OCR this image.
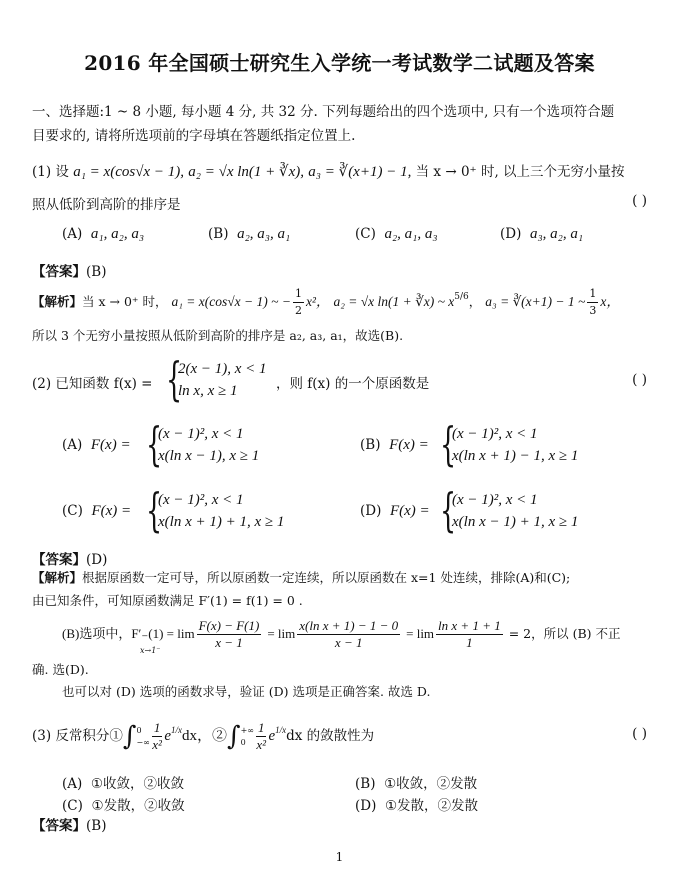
2016 年全国硕士研究生入学统一考试数学二试题及答案
一、选择题:1 ~ 8 小题, 每小题 4 分, 共 32 分. 下列每题给出的四个选项中, 只有一个选项符合题
目要求的, 请将所选项前的字母填在答题纸指定位置上.
(1) 设 a₁ = x(cos√x − 1), a₂ = √x ln(1 + ∛x), a₃ = ∛(x+1) − 1, 当 x → 0⁺ 时, 以上三个无穷小量按
照从低阶到高阶的排序是	( )
(A) a₁, a₂, a₃	(B) a₂, a₃, a₁	(C) a₂, a₁, a₃	(D) a₃, a₂, a₁
【答案】(B)
【解析】当 x → 0⁺ 时， a₁ = x(cos√x − 1) ~ − $\frac{1}{2} x^2$， a₂ = √x ln(1 + ∛x) ~ $x^{5/6}$， a₃ = ∛(x+1) − 1 ~ $\frac{1}{3}$ x，
所以 3 个无穷小量按照从低阶到高阶的排序是 a₂, a₃, a₁，故选(B).
(2) 已知函数 f(x) = {
2(x − 1), x < 1
ln x, x ≥ 1	，则 f(x) 的一个原函数是	( )
(A) F(x) = {
(x − 1)², x < 1
x(ln x − 1), x ≥ 1
(B) F(x) = {
(x − 1)², x < 1
x(ln x + 1) − 1, x ≥ 1
(C) F(x) = {
(x − 1)², x < 1
x(ln x + 1) + 1, x ≥ 1
(D) F(x) = {
(x − 1)², x < 1
x(ln x − 1) + 1, x ≥ 1
【答案】(D)
【解析】根据原函数一定可导，所以原函数一定连续，所以原函数在 x=1 处连续，排除(A)和(C);
由已知条件，可知原函数满足 F′(1) = f(1) = 0 .
(B)选项中，$F'_-(1) = \lim \frac{F(x) - F(1)}{x - 1} = \lim \frac{\text{x(ln x + 1) − 1 − 0}}{x - 1} = \lim \frac{\text{ln x + 1 + 1}}{1} = 2$，所以 (B) 不正
x→1⁻
确. 选(D).
也可以对 (D) 选项的函数求导，验证 (D) 选项是正确答案. 故选 D.
(3) 反常积分①∫ 0
−∞ $\frac{1}{\text{x²}} e^{1/x}dx$，②∫ +∞
$0 \frac{1}{\text{x²}} e^{1/x}dx$ 的敛散性为	( )
(A) ①收敛，②收敛	(B) ①收敛，②发散
(C) ①发散，②收敛	(D) ①发散，②发散
【答案】(B)
1
